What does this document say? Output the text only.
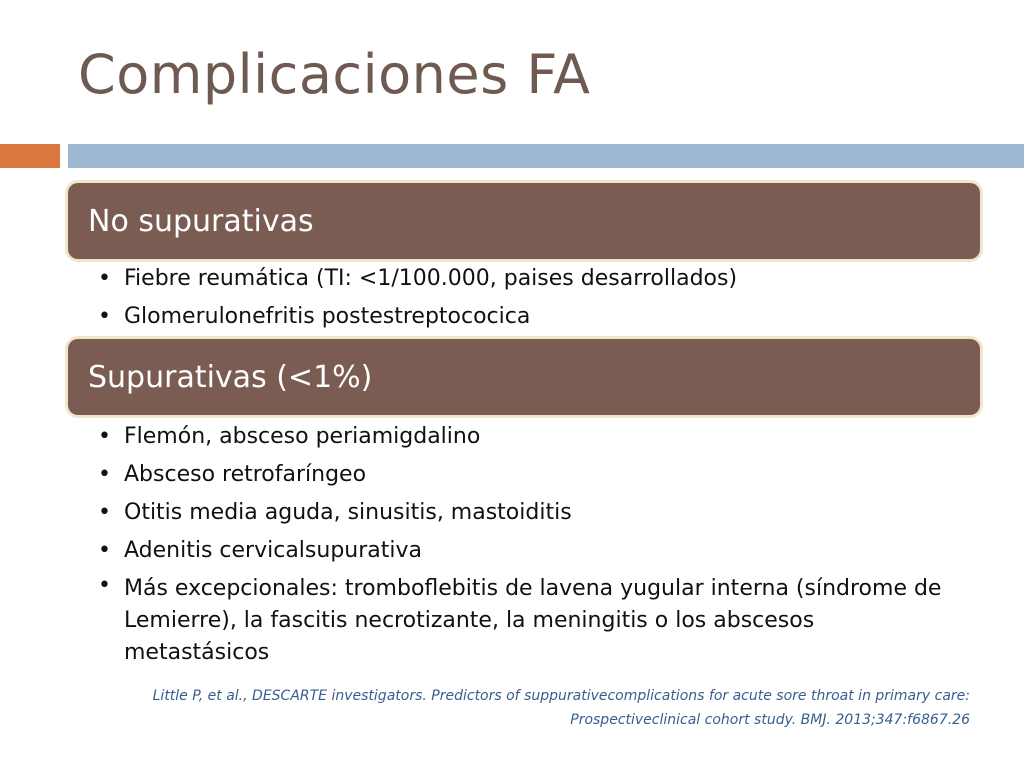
Complicaciones FA
No supurativas
• Fiebre reumática (TI: <1/100.000, paises desarrollados)
• Glomerulonefritis postestreptococica
Supurativas (<1%)
• Flemón, absceso periamigdalino
• Absceso retrofaríngeo
• Otitis media aguda, sinusitis, mastoiditis
• Adenitis cervicalsupurativa
• Más excepcionales: tromboflebitis de lavena yugular interna (síndrome de Lemierre), la fascitis necrotizante, la meningitis o los abscesos metastásicos
Little P, et al., DESCARTE investigators. Predictors of suppurativecomplications for acute sore throat in primary care:
Prospectiveclinical cohort study. BMJ. 2013;347:f6867.26
